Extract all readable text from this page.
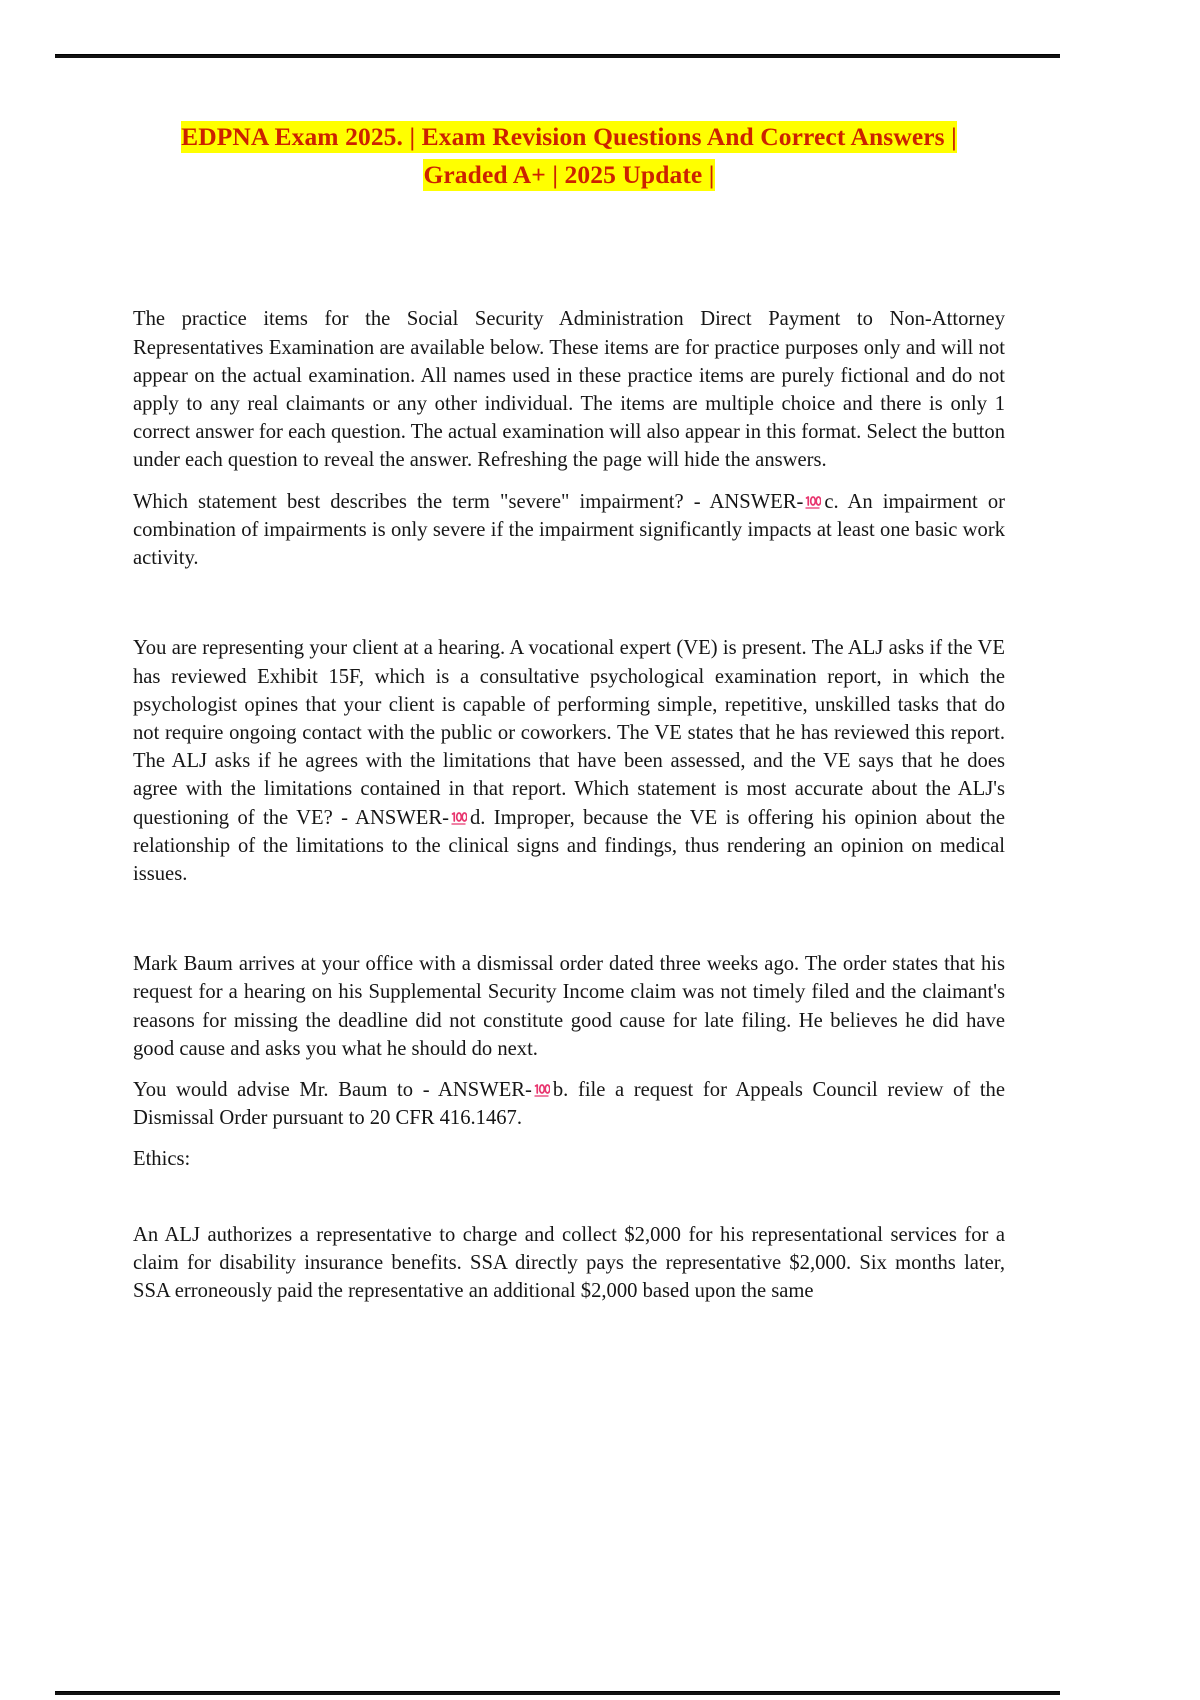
EDPNA Exam 2025. | Exam Revision Questions And Correct Answers |
Graded A+ | 2025 Update |

The practice items for the Social Security Administration Direct Payment to Non-Attorney Representatives Examination are available below. These items are for practice purposes only and will not appear on the actual examination. All names used in these practice items are purely fictional and do not apply to any real claimants or any other individual. The items are multiple choice and there is only 1 correct answer for each question. The actual examination will also appear in this format. Select the button under each question to reveal the answer. Refreshing the page will hide the answers.

Which statement best describes the term "severe" impairment? - ANSWER- c. An impairment or combination of impairments is only severe if the impairment significantly impacts at least one basic work activity.

You are representing your client at a hearing. A vocational expert (VE) is present. The ALJ asks if the VE has reviewed Exhibit 15F, which is a consultative psychological examination report, in which the psychologist opines that your client is capable of performing simple, repetitive, unskilled tasks that do not require ongoing contact with the public or coworkers. The VE states that he has reviewed this report. The ALJ asks if he agrees with the limitations that have been assessed, and the VE says that he does agree with the limitations contained in that report. Which statement is most accurate about the ALJ's questioning of the VE? - ANSWER- d. Improper, because the VE is offering his opinion about the relationship of the limitations to the clinical signs and findings, thus rendering an opinion on medical issues.

Mark Baum arrives at your office with a dismissal order dated three weeks ago. The order states that his request for a hearing on his Supplemental Security Income claim was not timely filed and the claimant's reasons for missing the deadline did not constitute good cause for late filing. He believes he did have good cause and asks you what he should do next.

You would advise Mr. Baum to - ANSWER- b. file a request for Appeals Council review of the Dismissal Order pursuant to 20 CFR 416.1467.

Ethics:

An ALJ authorizes a representative to charge and collect $2,000 for his representational services for a claim for disability insurance benefits. SSA directly pays the representative $2,000. Six months later, SSA erroneously paid the representative an additional $2,000 based upon the same
